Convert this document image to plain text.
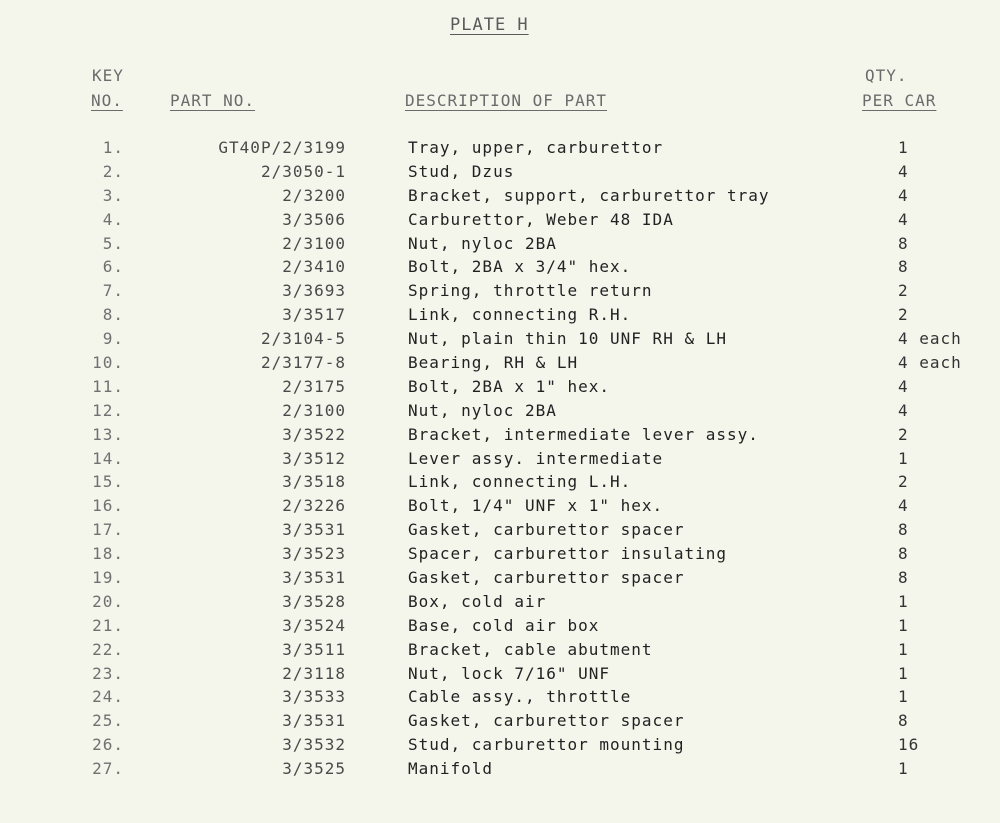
PLATE H
KEY
NO.	PART NO.	DESCRIPTION OF PART
QTY.
PER CAR
1.	GT40P/2/3199	Tray, upper, carburettor	1
2.	2/3050-1	Stud, Dzus	4
3.	2/3200	Bracket, support, carburettor tray	4
4.	3/3506	Carburettor, Weber 48 IDA	4
5.	2/3100	Nut, nyloc 2BA	8
6.	2/3410	Bolt, 2BA x 3/4" hex.	8
7.	3/3693	Spring, throttle return	2
8.	3/3517	Link, connecting R.H.	2
9.	2/3104-5	Nut, plain thin 10 UNF RH & LH	4 each
10.	2/3177-8	Bearing, RH & LH	4 each
11.	2/3175	Bolt, 2BA x 1" hex.	4
12.	2/3100	Nut, nyloc 2BA	4
13.	3/3522	Bracket, intermediate lever assy.	2
14.	3/3512	Lever assy. intermediate	1
15.	3/3518	Link, connecting L.H.	2
16.	2/3226	Bolt, 1/4" UNF x 1" hex.	4
17.	3/3531	Gasket, carburettor spacer	8
18.	3/3523	Spacer, carburettor insulating	8
19.	3/3531	Gasket, carburettor spacer	8
20.	3/3528	Box, cold air	1
21.	3/3524	Base, cold air box	1
22.	3/3511	Bracket, cable abutment	1
23.	2/3118	Nut, lock 7/16" UNF	1
24.	3/3533	Cable assy., throttle	1
25.	3/3531	Gasket, carburettor spacer	8
26.	3/3532	Stud, carburettor mounting	16
27.	3/3525	Manifold	1
